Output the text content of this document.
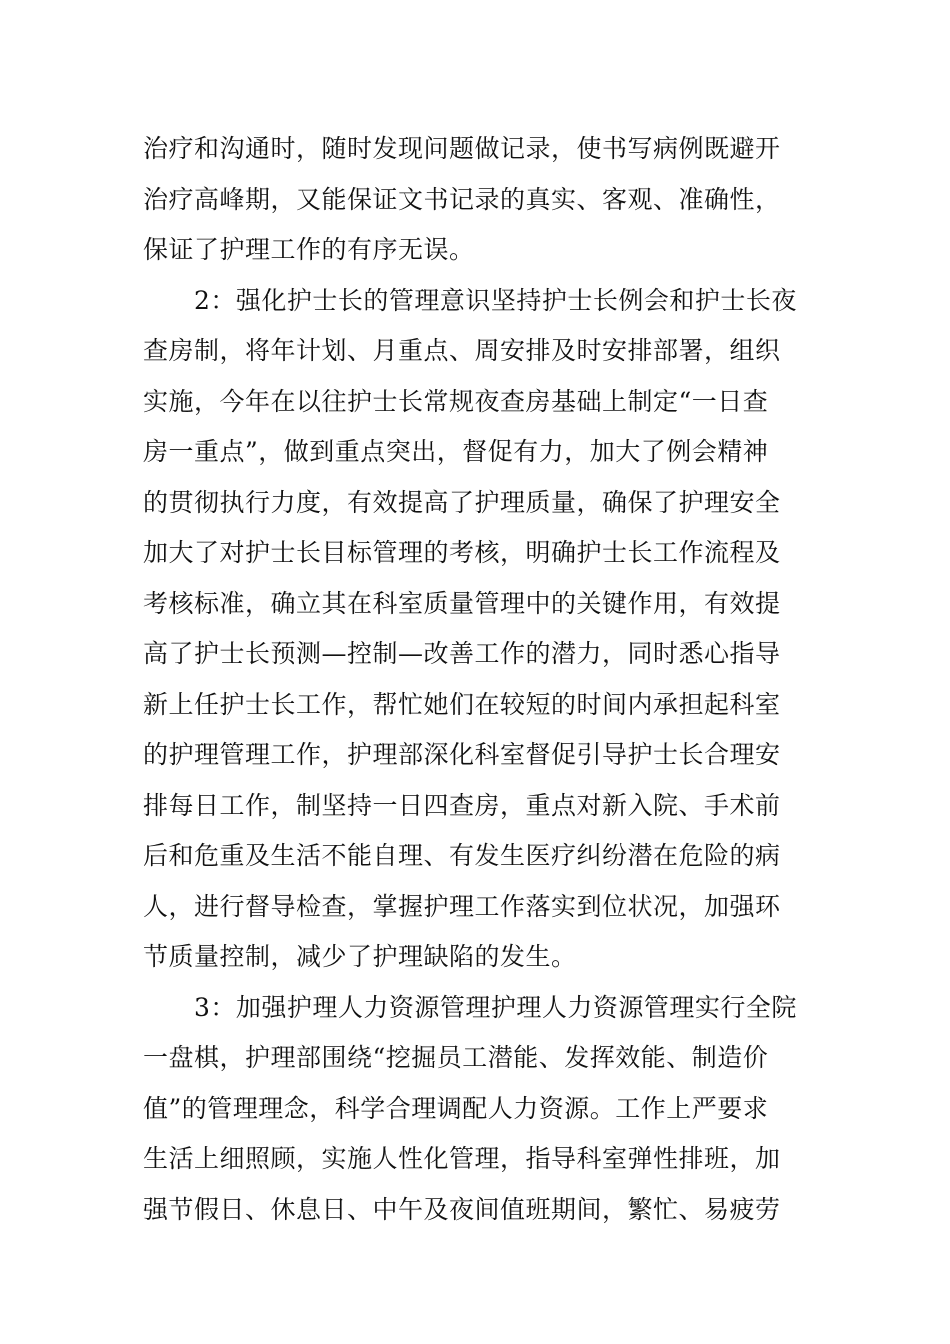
治疗和沟通时，随时发现问题做记录，使书写病例既避开
治疗高峰期，又能保证文书记录的真实、客观、准确性，
保证了护理工作的有序无误。
　　2：强化护士长的管理意识坚持护士长例会和护士长夜
查房制，将年计划、月重点、周安排及时安排部署，组织
实施，今年在以往护士长常规夜查房基础上制定“一日查
房一重点”，做到重点突出，督促有力，加大了例会精神
的贯彻执行力度，有效提高了护理质量，确保了护理安全
加大了对护士长目标管理的考核，明确护士长工作流程及
考核标准，确立其在科室质量管理中的关键作用，有效提
高了护士长预测—控制—改善工作的潜力，同时悉心指导
新上任护士长工作，帮忙她们在较短的时间内承担起科室
的护理管理工作，护理部深化科室督促引导护士长合理安
排每日工作，制坚持一日四查房，重点对新入院、手术前
后和危重及生活不能自理、有发生医疗纠纷潜在危险的病
人，进行督导检查，掌握护理工作落实到位状况，加强环
节质量控制，减少了护理缺陷的发生。
　　3：加强护理人力资源管理护理人力资源管理实行全院
一盘棋，护理部围绕“挖掘员工潜能、发挥效能、制造价
值”的管理理念，科学合理调配人力资源。工作上严要求
生活上细照顾，实施人性化管理，指导科室弹性排班，加
强节假日、休息日、中午及夜间值班期间，繁忙、易疲劳
